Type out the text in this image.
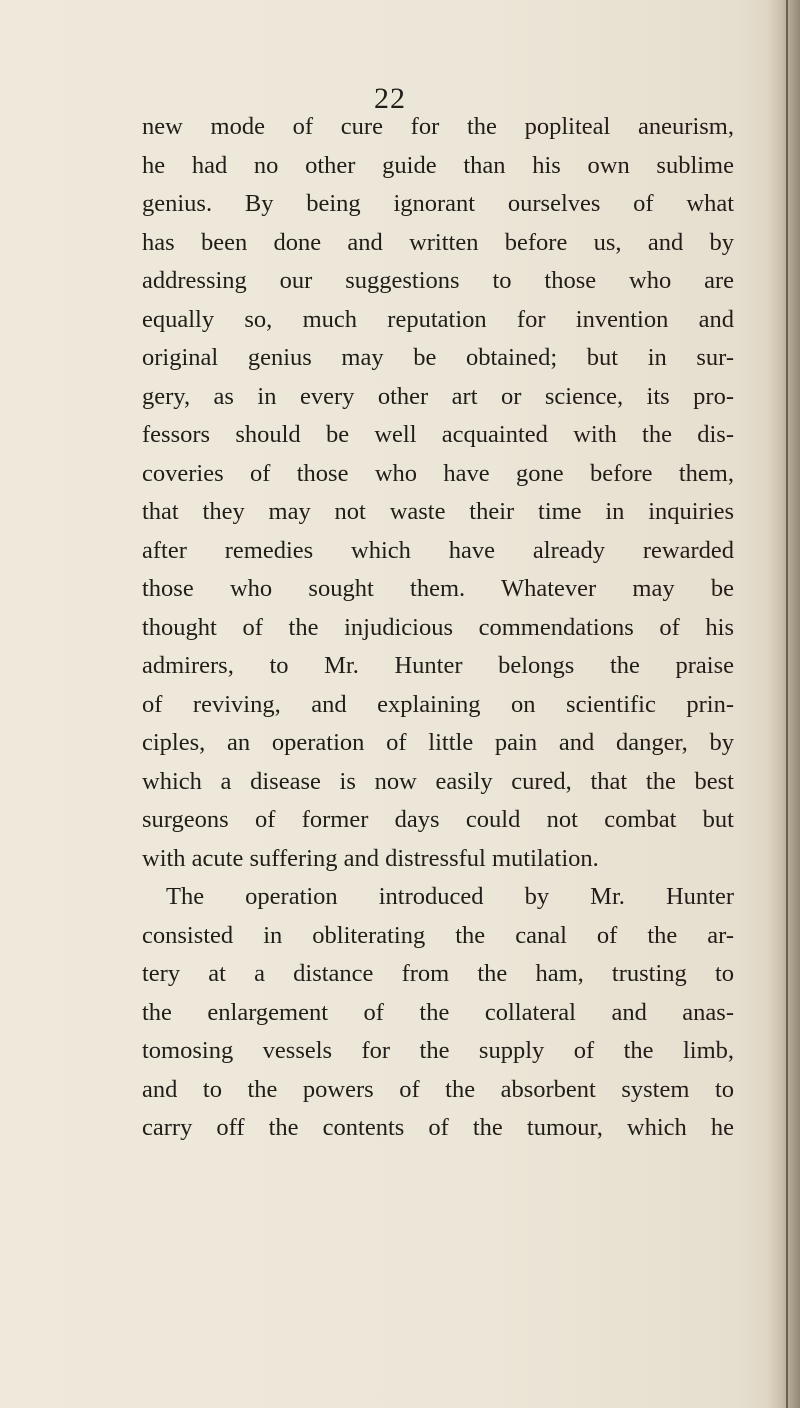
22
new mode of cure for the popliteal aneurism,
he had no other guide than his own sublime
genius. By being ignorant ourselves of what
has been done and written before us, and by
addressing our suggestions to those who are
equally so, much reputation for invention and
original genius may be obtained; but in sur-
gery, as in every other art or science, its pro-
fessors should be well acquainted with the dis-
coveries of those who have gone before them,
that they may not waste their time in inquiries
after remedies which have already rewarded
those who sought them. Whatever may be
thought of the injudicious commendations of his
admirers, to Mr. Hunter belongs the praise
of reviving, and explaining on scientific prin-
ciples, an operation of little pain and danger, by
which a disease is now easily cured, that the best
surgeons of former days could not combat but
with acute suffering and distressful mutilation.
The operation introduced by Mr. Hunter
consisted in obliterating the canal of the ar-
tery at a distance from the ham, trusting to
the enlargement of the collateral and anas-
tomosing vessels for the supply of the limb,
and to the powers of the absorbent system to
carry off the contents of the tumour, which he
